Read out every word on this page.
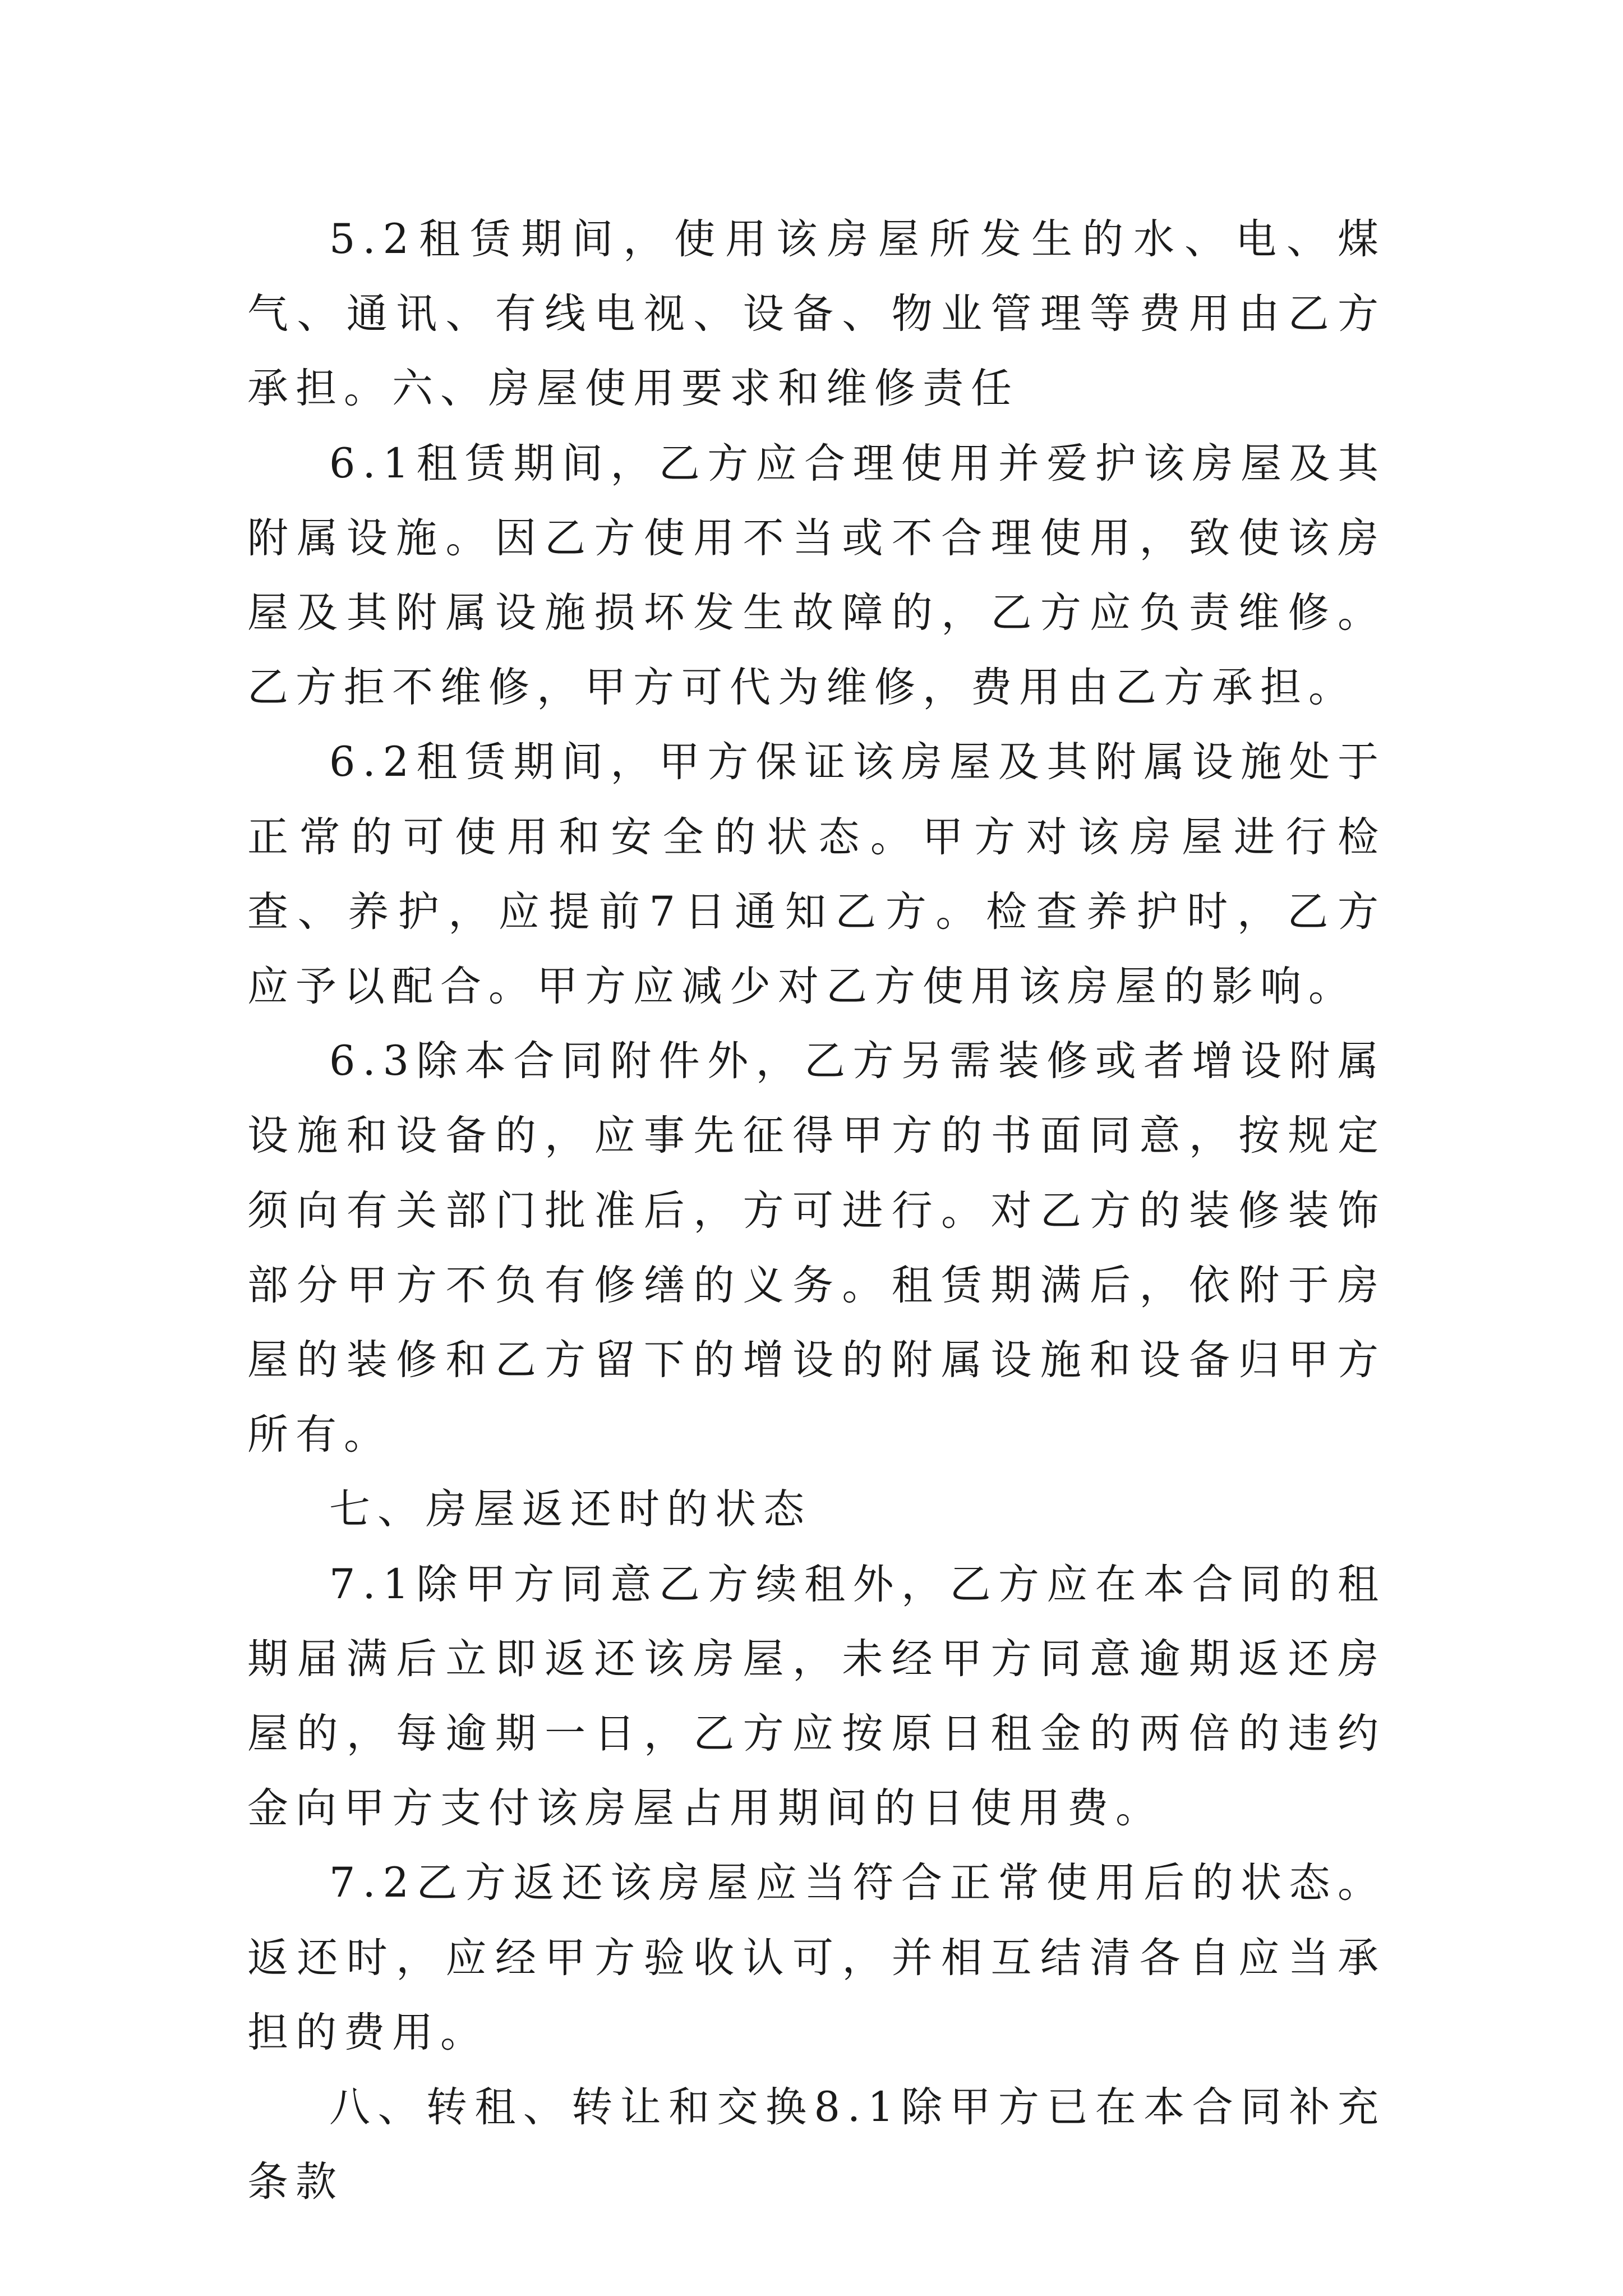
5.2租赁期间，使用该房屋所发生的水、电、煤气、通讯、有线电视、设备、物业管理等费用由乙方承担。六、房屋使用要求和维修责任

6.1租赁期间，乙方应合理使用并爱护该房屋及其附属设施。因乙方使用不当或不合理使用，致使该房屋及其附属设施损坏发生故障的，乙方应负责维修。乙方拒不维修，甲方可代为维修，费用由乙方承担。

6.2租赁期间，甲方保证该房屋及其附属设施处于正常的可使用和安全的状态。甲方对该房屋进行检查、养护，应提前7日通知乙方。检查养护时，乙方应予以配合。甲方应减少对乙方使用该房屋的影响。

6.3除本合同附件外，乙方另需装修或者增设附属设施和设备的，应事先征得甲方的书面同意，按规定须向有关部门批准后，方可进行。对乙方的装修装饰部分甲方不负有修缮的义务。租赁期满后，依附于房屋的装修和乙方留下的增设的附属设施和设备归甲方所有。

七、房屋返还时的状态

7.1除甲方同意乙方续租外，乙方应在本合同的租期届满后立即返还该房屋，未经甲方同意逾期返还房屋的，每逾期一日，乙方应按原日租金的两倍的违约金向甲方支付该房屋占用期间的日使用费。

7.2乙方返还该房屋应当符合正常使用后的状态。返还时，应经甲方验收认可，并相互结清各自应当承担的费用。

八、转租、转让和交换8.1除甲方已在本合同补充条款
